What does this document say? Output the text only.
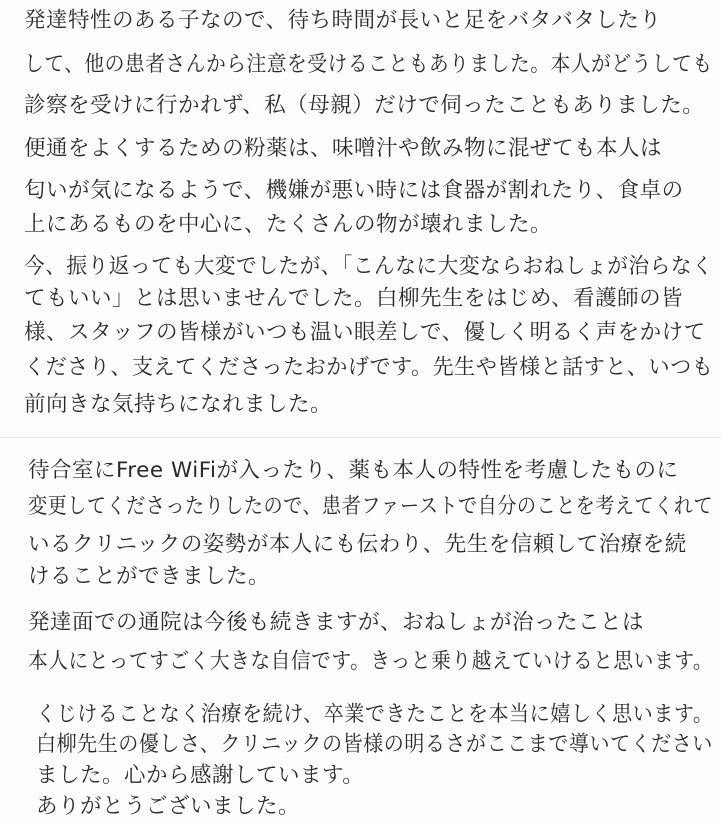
発達特性のある子なので、待ち時間が長いと足をバタバタしたり

して、他の患者さんから注意を受けることもありました。本人がどうしても

診察を受けに行かれず、私（母親）だけで伺ったこともありました。

便通をよくするための粉薬は、味噌汁や飲み物に混ぜても本人は

匂いが気になるようで、機嫌が悪い時には食器が割れたり、食卓の

上にあるものを中心に、たくさんの物が壊れました。

今、振り返っても大変でしたが、「こんなに大変ならおねしょが治らなく

てもいい」とは思いませんでした。白柳先生をはじめ、看護師の皆

様、スタッフの皆様がいつも温い眼差しで、優しく明るく声をかけて

くださり、支えてくださったおかげです。先生や皆様と話すと、いつも

前向きな気持ちになれました。

待合室にFree WiFiが入ったり、薬も本人の特性を考慮したものに

変更してくださったりしたので、患者ファーストで自分のことを考えてくれて

いるクリニックの姿勢が本人にも伝わり、先生を信頼して治療を続

けることができました。

発達面での通院は今後も続きますが、おねしょが治ったことは

本人にとってすごく大きな自信です。きっと乗り越えていけると思います。

くじけることなく治療を続け、卒業できたことを本当に嬉しく思います。

白柳先生の優しさ、クリニックの皆様の明るさがここまで導いてください

ました。心から感謝しています。

ありがとうございました。
